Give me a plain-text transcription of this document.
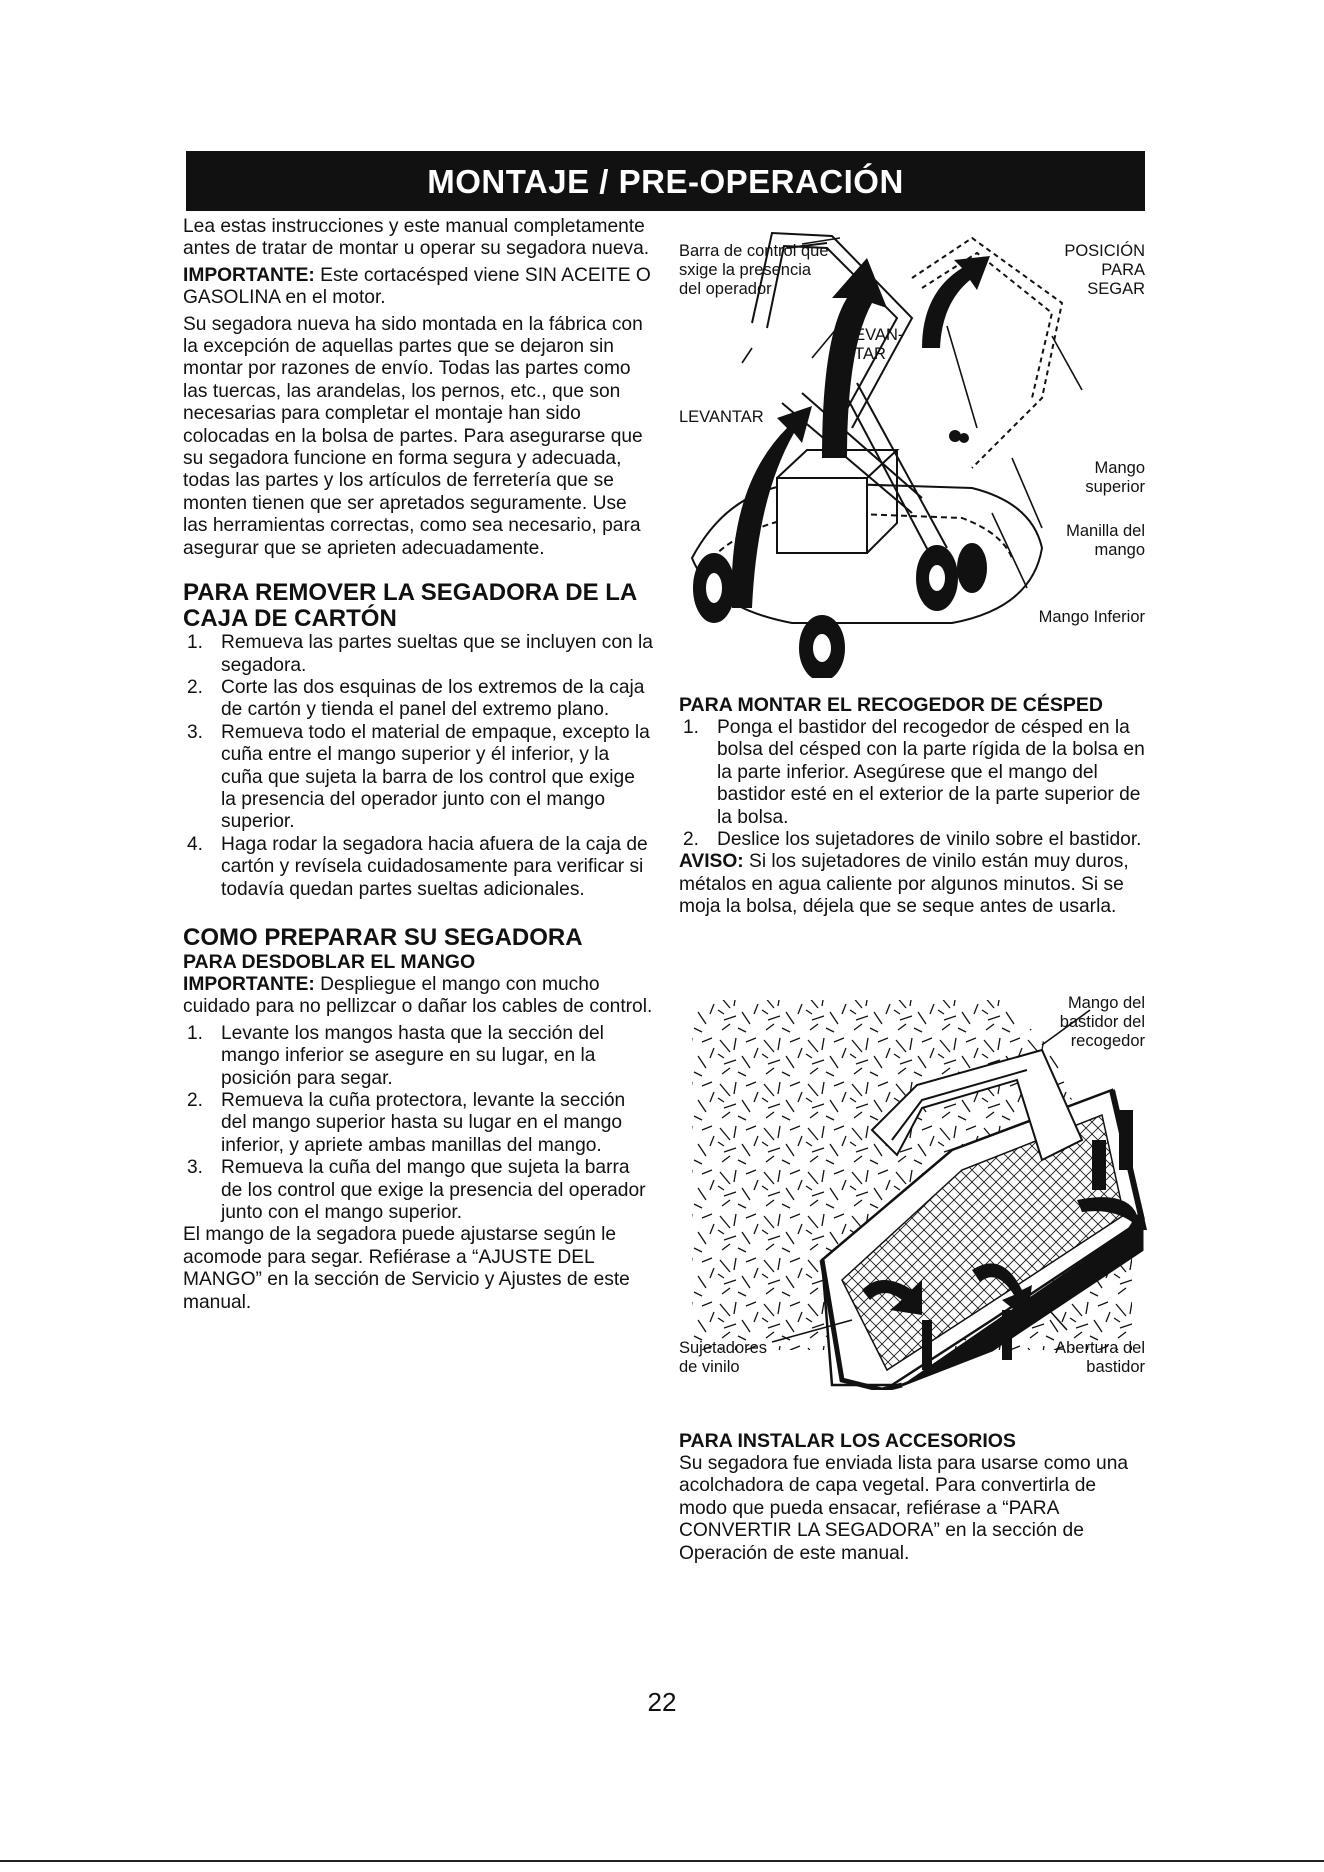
MONTAJE / PRE-OPERACIÓN

Lea estas instrucciones y este manual completamente antes de tratar de montar u operar su segadora nueva.

IMPORTANTE: Este cortacésped viene SIN ACEITE O GASOLINA en el motor.

Su segadora nueva ha sido montada en la fábrica con la excepción de aquellas partes que se dejaron sin montar por razones de envío. Todas las partes como las tuercas, las arandelas, los pernos, etc., que son necesarias para completar el montaje han sido colocadas en la bolsa de partes. Para asegurarse que su segadora funcione en forma segura y adecuada, todas las partes y los artículos de ferretería que se monten tienen que ser apretados seguramente. Use las herramientas correctas, como sea necesario, para asegurar que se aprieten adecuadamente.

PARA REMOVER LA SEGADORA DE LA CAJA DE CARTÓN
1. Remueva las partes sueltas que se incluyen con la segadora.
2. Corte las dos esquinas de los extremos de la caja de cartón y tienda el panel del extremo plano.
3. Remueva todo el material de empaque, excepto la cuña entre el mango superior y él inferior, y la cuña que sujeta la barra de los control que exige la presencia del operador junto con el mango superior.
4. Haga rodar la segadora hacia afuera de la caja de cartón y revísela cuidadosamente para verificar si todavía quedan partes sueltas adicionales.
COMO PREPARAR SU SEGADORA
PARA DESDOBLAR EL MANGO

IMPORTANTE: Despliegue el mango con mucho cuidado para no pellizcar o dañar los cables de control.

1. Levante los mangos hasta que la sección del mango inferior se asegure en su lugar, en la posición para segar.
2. Remueva la cuña protectora, levante la sección del mango superior hasta su lugar en el mango inferior, y apriete ambas manillas del mango.
3. Remueva la cuña del mango que sujeta la barra de los control que exige la presencia del operador junto con el mango superior.

El mango de la segadora puede ajustarse según le acomode para segar. Refiérase a “AJUSTE DEL MANGO” en la sección de Servicio y Ajustes de este manual.

Barra de control que sxige la presencia del operador
LEVAN-TAR
LEVANTAR
POSICIÓN PARA SEGAR
Mango superior
Manilla del mango
Mango Inferior
PARA MONTAR EL RECOGEDOR DE CÉSPED
1. Ponga el bastidor del recogedor de césped en la bolsa del césped con la parte rígida de la bolsa en la parte inferior. Asegúrese que el mango del bastidor esté en el exterior de la parte superior de la bolsa.
2. Deslice los sujetadores de vinilo sobre el bastidor.

AVISO: Si los sujetadores de vinilo están muy duros, métalos en agua caliente por algunos minutos. Si se moja la bolsa, déjela que se seque antes de usarla.

Mango del bastidor del recogedor
Sujetadores de vinilo
Abertura del bastidor
PARA INSTALAR LOS ACCESORIOS

Su segadora fue enviada lista para usarse como una acolchadora de capa vegetal. Para convertirla de modo que pueda ensacar, refiérase a “PARA CONVERTIR LA SEGADORA” en la sección de Operación de este manual.

22
